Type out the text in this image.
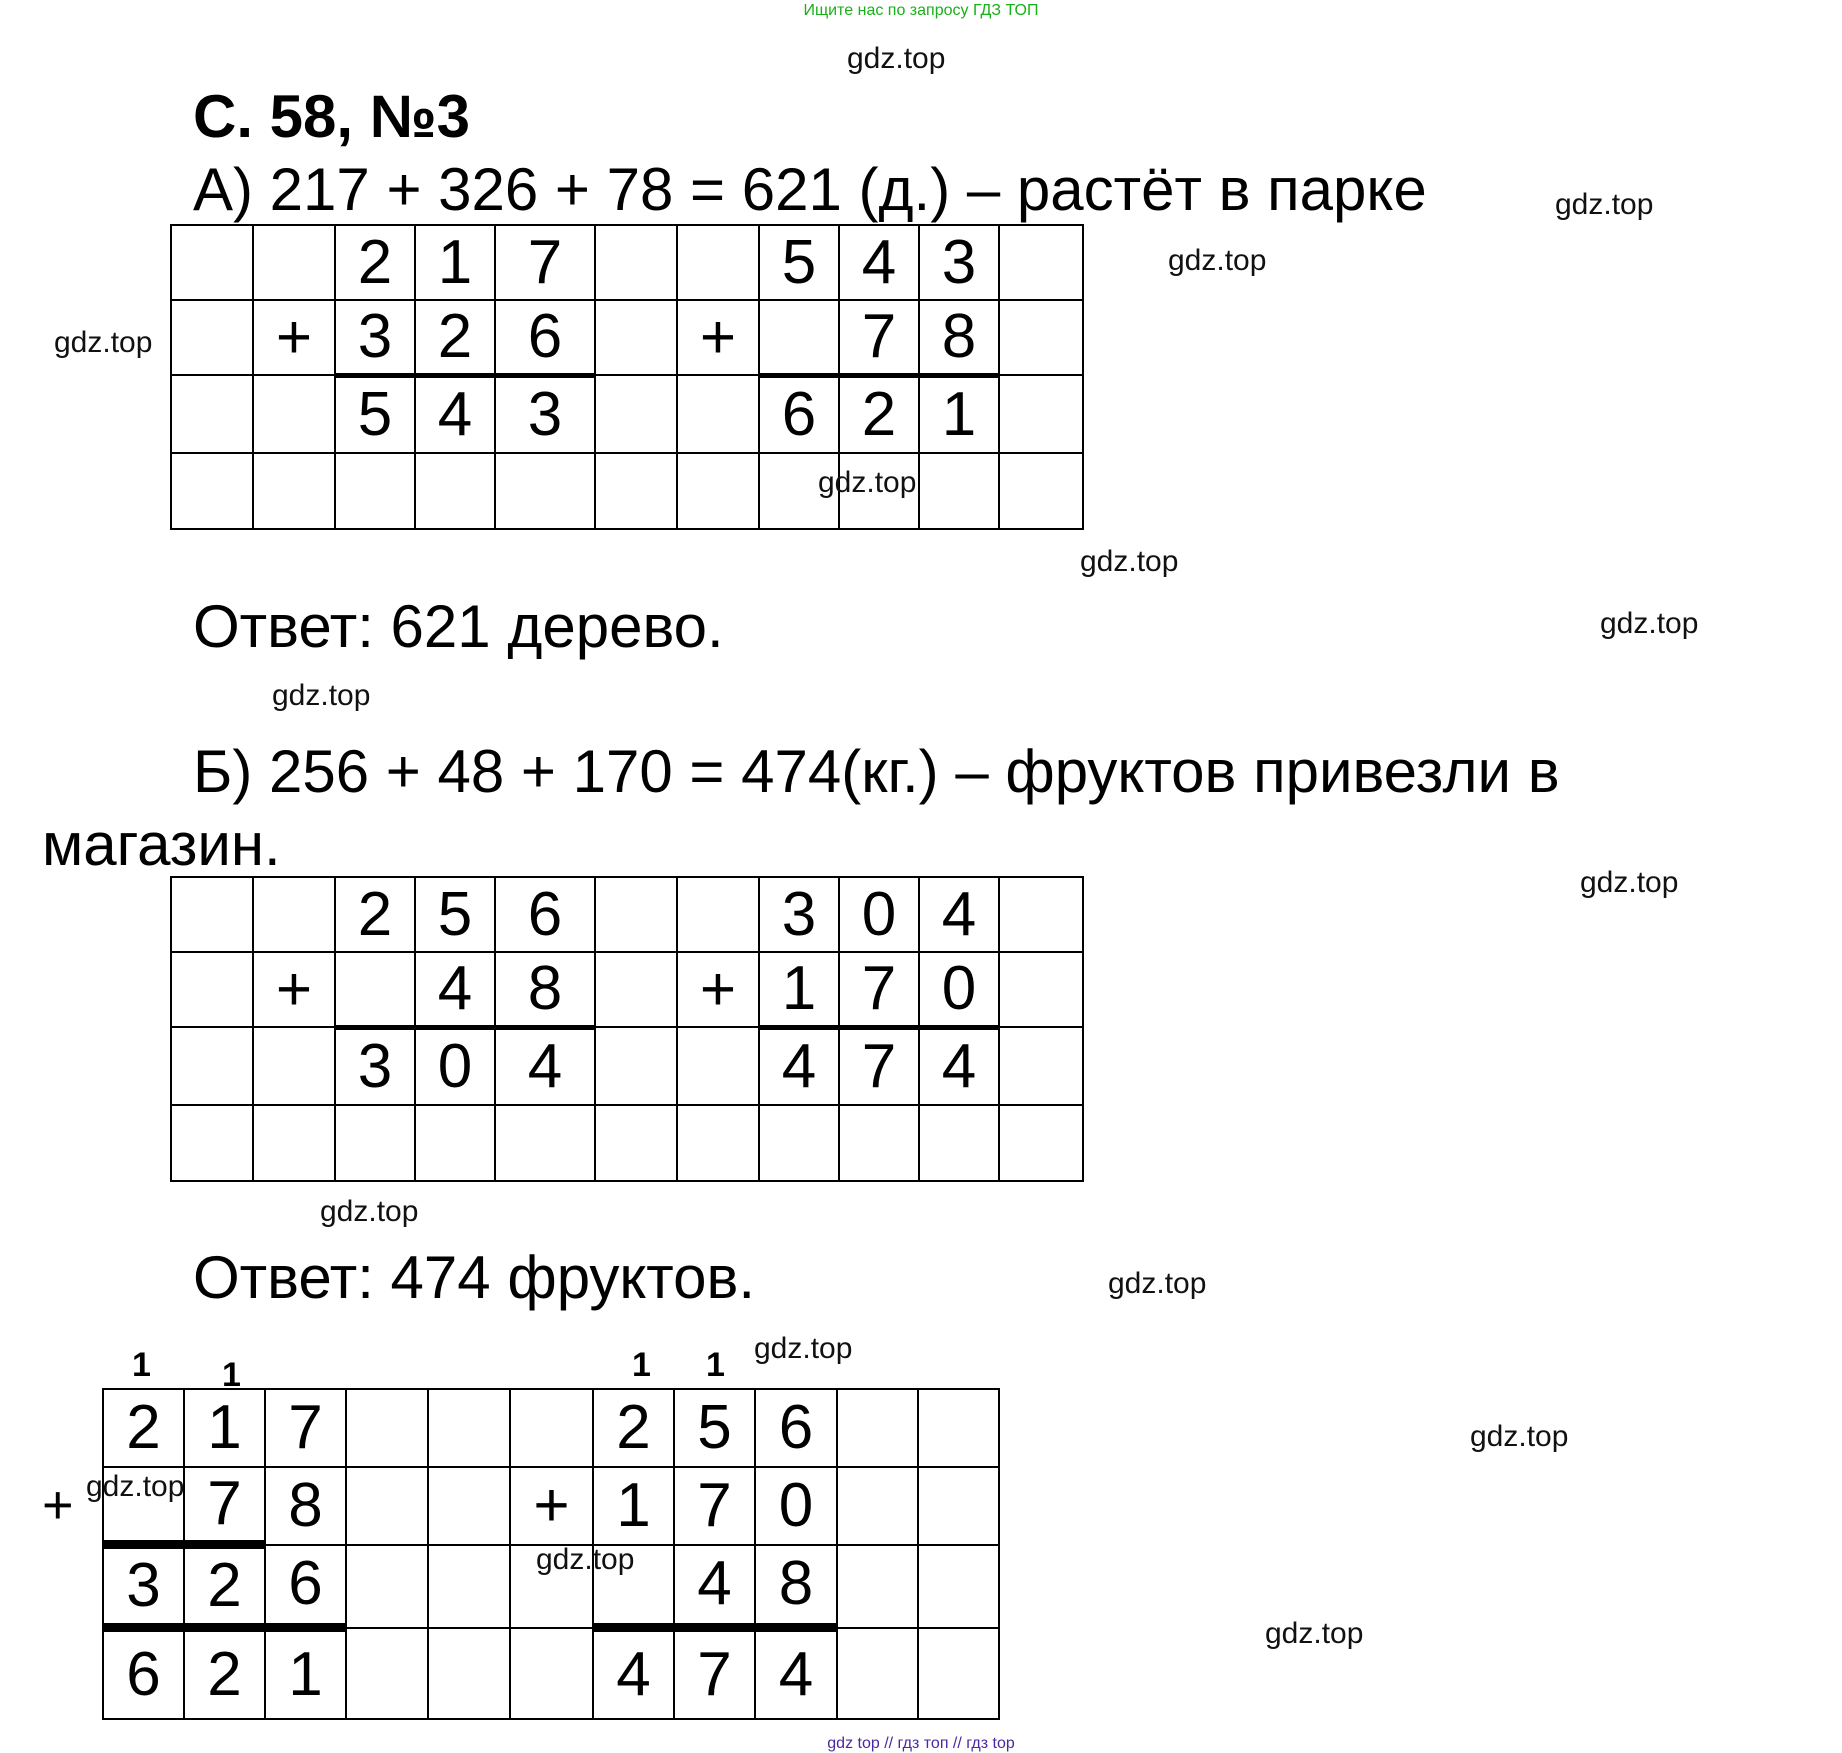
Ищите нас по запросу ГДЗ ТОП
gdz.top
gdz.top
gdz.top
gdz.top
gdz.top
gdz.top
gdz.top
gdz.top
gdz.top
gdz.top
gdz.top
gdz.top
gdz.top
С. 58, №3
А) 217 + 326 + 78 = 621 (д.) – растёт в парке
		2	1	7			5	4	3	
	+	3	2	6		+		7	8	
		5	4	3			6	2	1	

gdz.top
Ответ: 621 дерево.
Б) 256 + 48 + 170 = 474(кг.) – фруктов привезли в
магазин.
		2	5	6			3	0	4	
	+		4	8		+	1	7	0	
		3	0	4			4	7	4	

Ответ: 474 фруктов.
1 1	1 1
+
2	1	7				2	5	6		
	7	8			+	1	7	0		
3	2	6					4	8		
6	2	1				4	7	4		
gdz.top
gdz.top
gdz top // гдз топ // гдз top
